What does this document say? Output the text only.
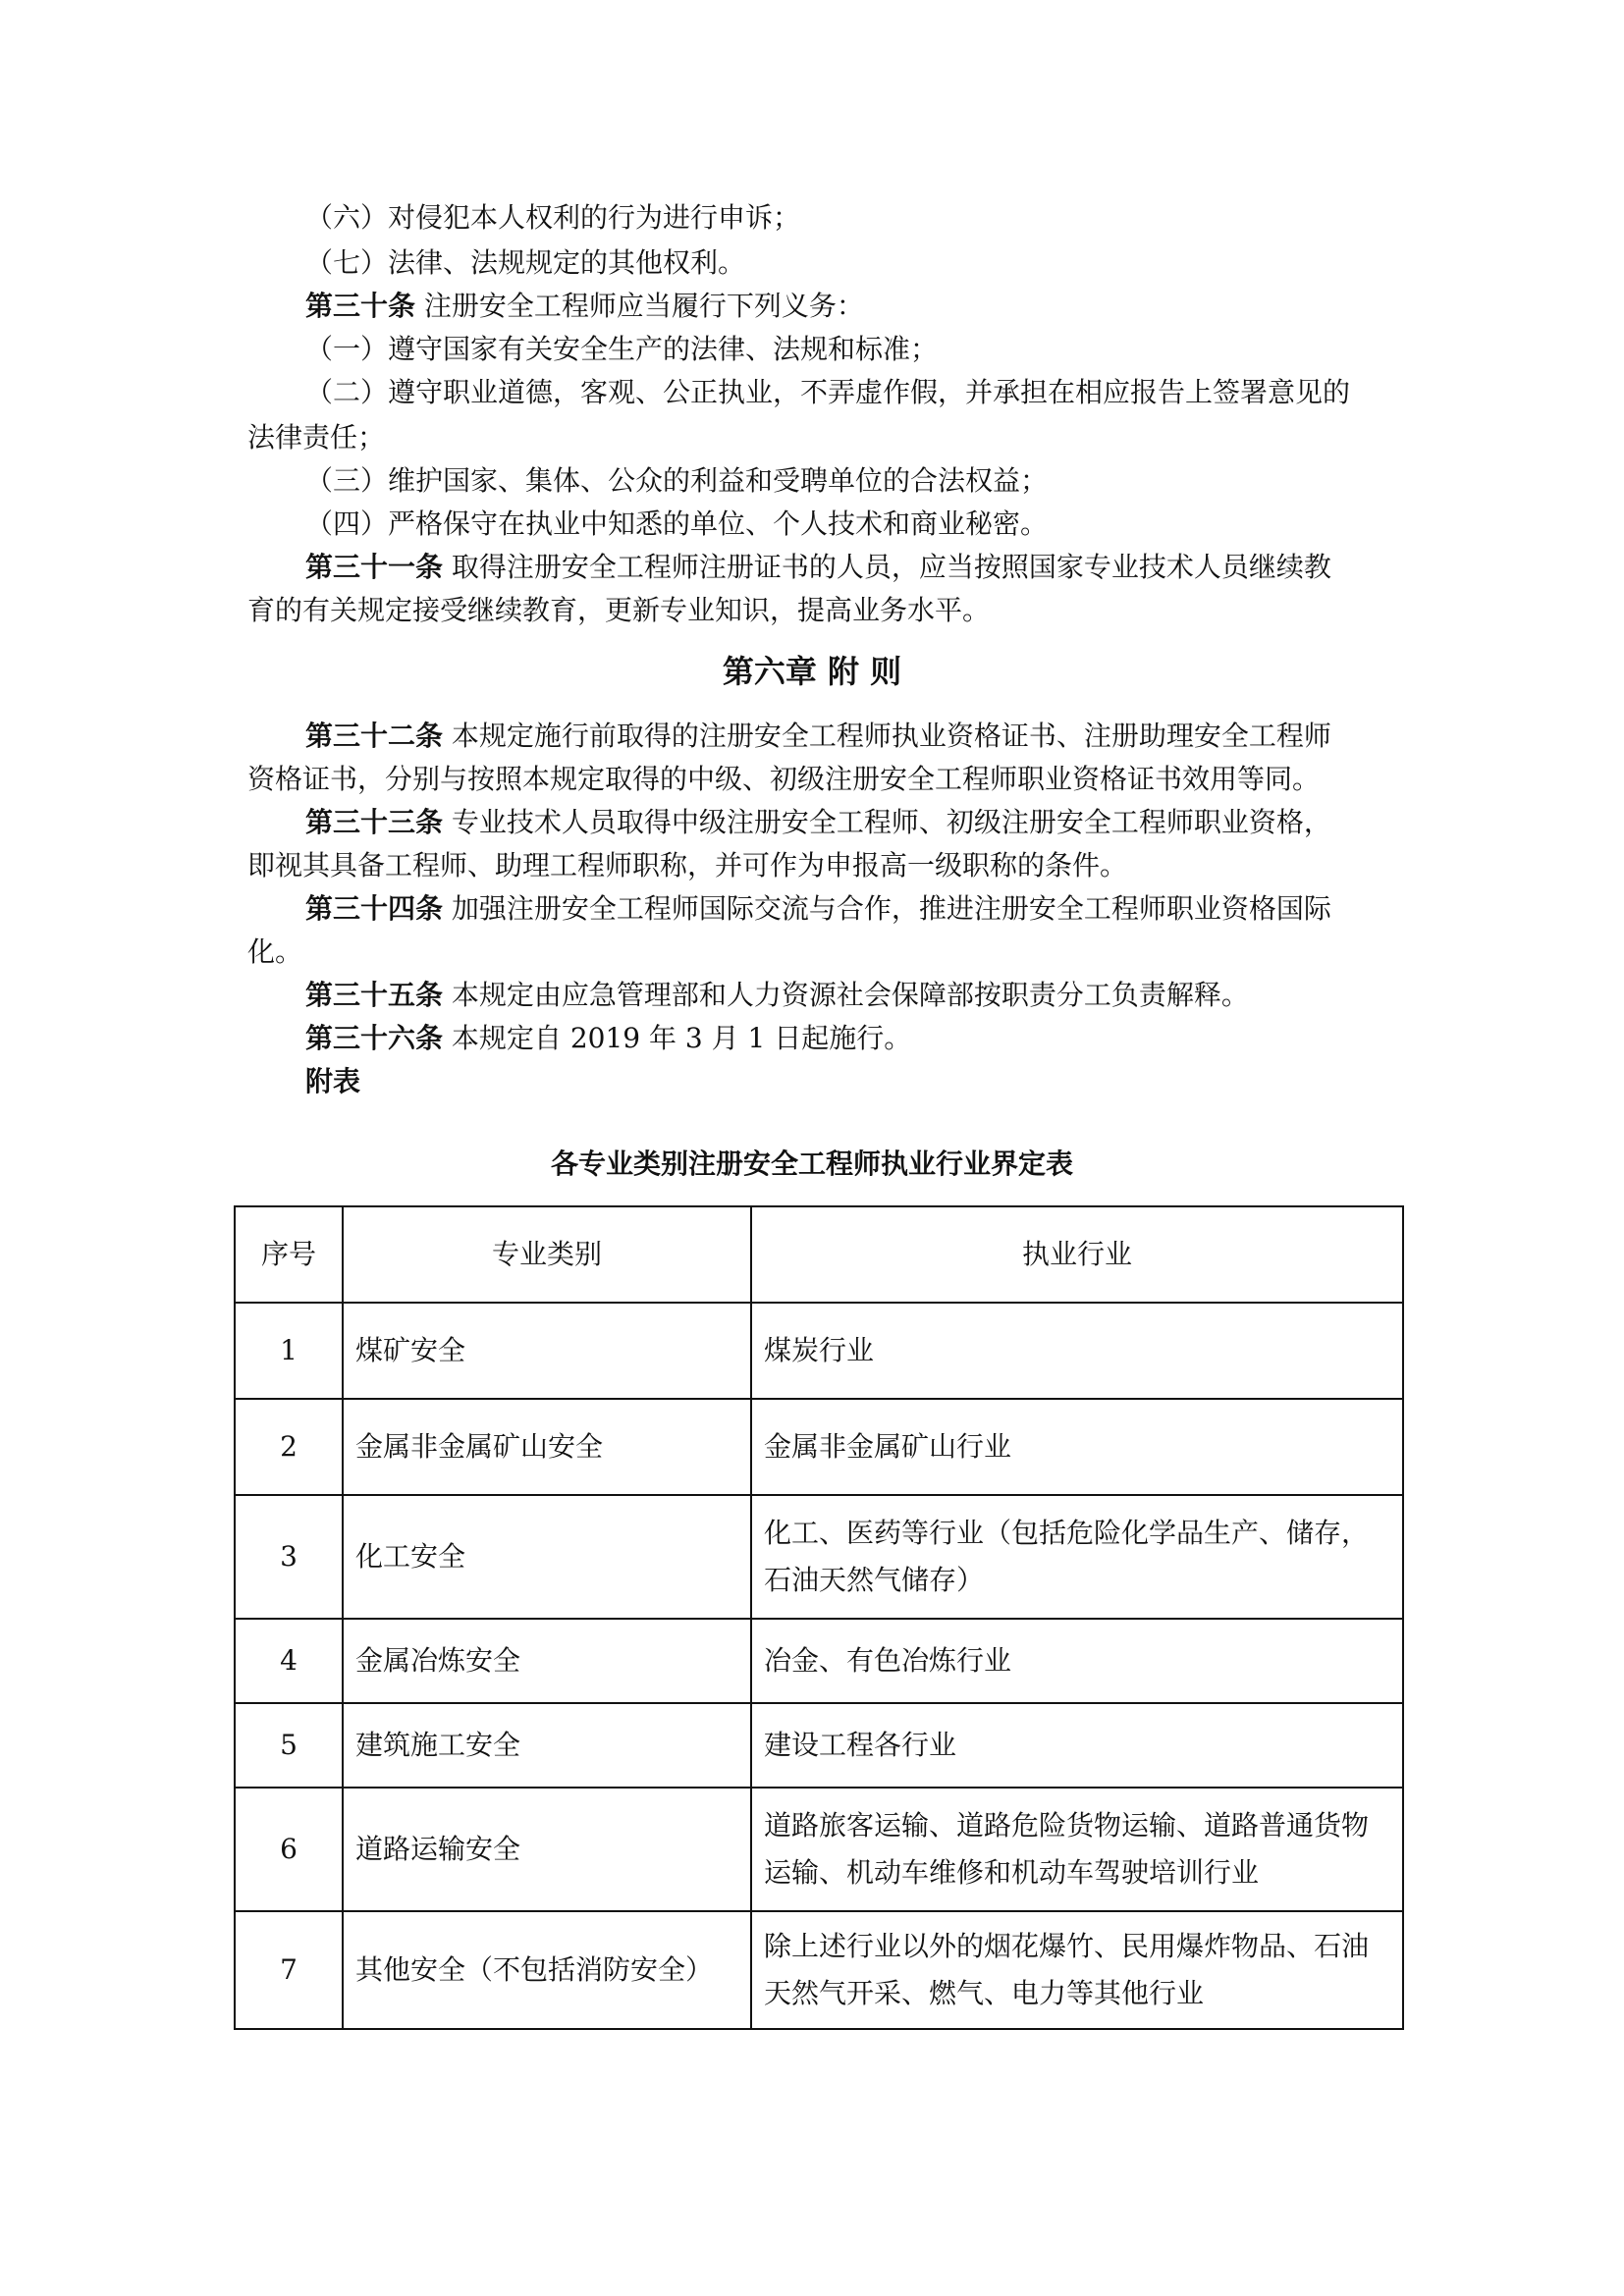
（六）对侵犯本人权利的行为进行申诉；
（七）法律、法规规定的其他权利。
第三十条 注册安全工程师应当履行下列义务：
（一）遵守国家有关安全生产的法律、法规和标准；
（二）遵守职业道德，客观、公正执业，不弄虚作假，并承担在相应报告上签署意见的
法律责任；
（三）维护国家、集体、公众的利益和受聘单位的合法权益；
（四）严格保守在执业中知悉的单位、个人技术和商业秘密。
第三十一条 取得注册安全工程师注册证书的人员，应当按照国家专业技术人员继续教
育的有关规定接受继续教育，更新专业知识，提高业务水平。
第六章 附 则
第三十二条 本规定施行前取得的注册安全工程师执业资格证书、注册助理安全工程师
资格证书，分别与按照本规定取得的中级、初级注册安全工程师职业资格证书效用等同。
第三十三条 专业技术人员取得中级注册安全工程师、初级注册安全工程师职业资格，
即视其具备工程师、助理工程师职称，并可作为申报高一级职称的条件。
第三十四条 加强注册安全工程师国际交流与合作，推进注册安全工程师职业资格国际
化。
第三十五条 本规定由应急管理部和人力资源社会保障部按职责分工负责解释。
第三十六条 本规定自 2019 年 3 月 1 日起施行。
附表
各专业类别注册安全工程师执业行业界定表
序号	专业类别	执业行业
1	煤矿安全	煤炭行业
2	金属非金属矿山安全	金属非金属矿山行业
3	化工安全	化工、医药等行业（包括危险化学品生产、储存，
石油天然气储存）
4	金属冶炼安全	冶金、有色冶炼行业
5	建筑施工安全	建设工程各行业
6	道路运输安全	道路旅客运输、道路危险货物运输、道路普通货物
运输、机动车维修和机动车驾驶培训行业
7	其他安全（不包括消防安全）	除上述行业以外的烟花爆竹、民用爆炸物品、石油
天然气开采、燃气、电力等其他行业
